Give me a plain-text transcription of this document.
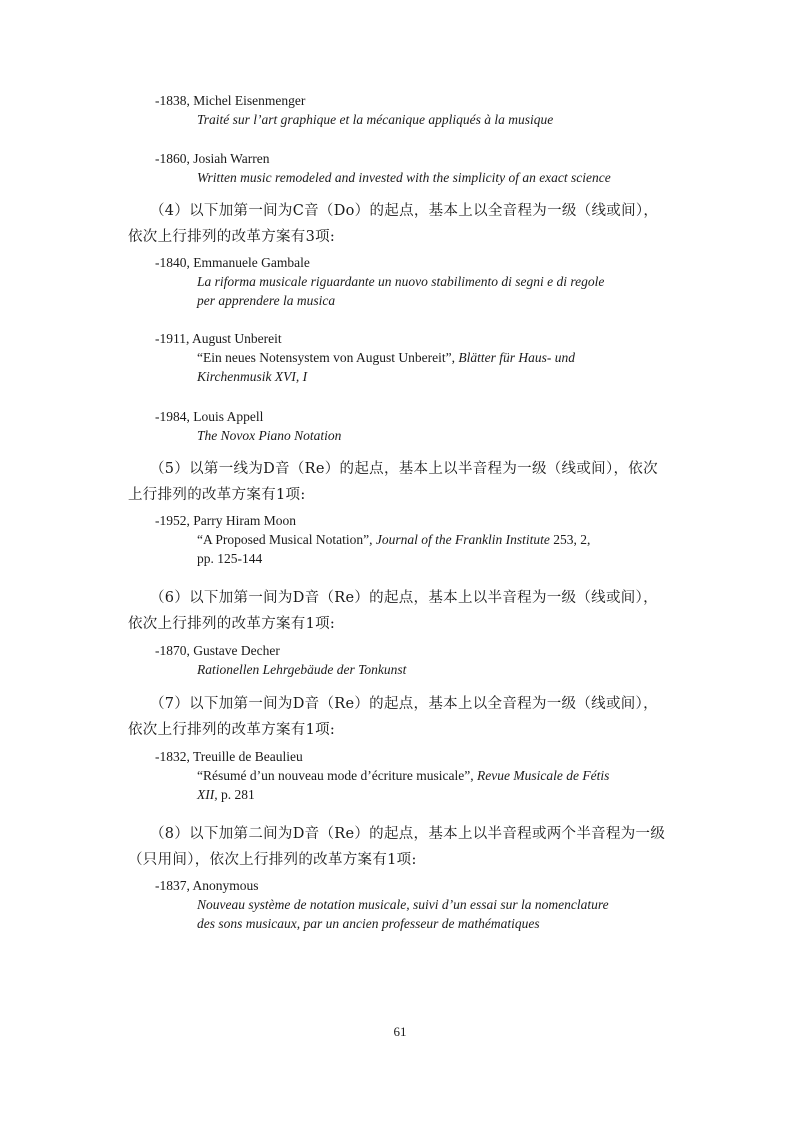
-1838, Michel Eisenmenger
Traité sur l’art graphique et la mécanique appliqués à la musique
-1860, Josiah Warren
Written music remodeled and invested with the simplicity of an exact science
（4）以下加第一间为C音（Do）的起点，基本上以全音程为一级（线或间），依次上行排列的改革方案有3项:
-1840, Emmanuele Gambale
La riforma musicale riguardante un nuovo stabilimento di segni e di regole
per apprendere la musica
-1911, August Unbereit
“Ein neues Notensystem von August Unbereit”, Blätter für Haus- und
Kirchenmusik XVI, I
-1984, Louis Appell
The Novox Piano Notation
（5）以第一线为D音（Re）的起点，基本上以半音程为一级（线或间），依次上行排列的改革方案有1项:
-1952, Parry Hiram Moon
“A Proposed Musical Notation”, Journal of the Franklin Institute 253, 2,
pp. 125-144
（6）以下加第一间为D音（Re）的起点，基本上以半音程为一级（线或间），依次上行排列的改革方案有1项:
-1870, Gustave Decher
Rationellen Lehrgebäude der Tonkunst
（7）以下加第一间为D音（Re）的起点，基本上以全音程为一级（线或间），依次上行排列的改革方案有1项:
-1832, Treuille de Beaulieu
“Résumé d’un nouveau mode d’écriture musicale”, Revue Musicale de Fétis
XII, p. 281
（8）以下加第二间为D音（Re）的起点，基本上以半音程或两个半音程为一级（只用间），依次上行排列的改革方案有1项:
-1837, Anonymous
Nouveau système de notation musicale, suivi d’un essai sur la nomenclature
des sons musicaux, par un ancien professeur de mathématiques
61
